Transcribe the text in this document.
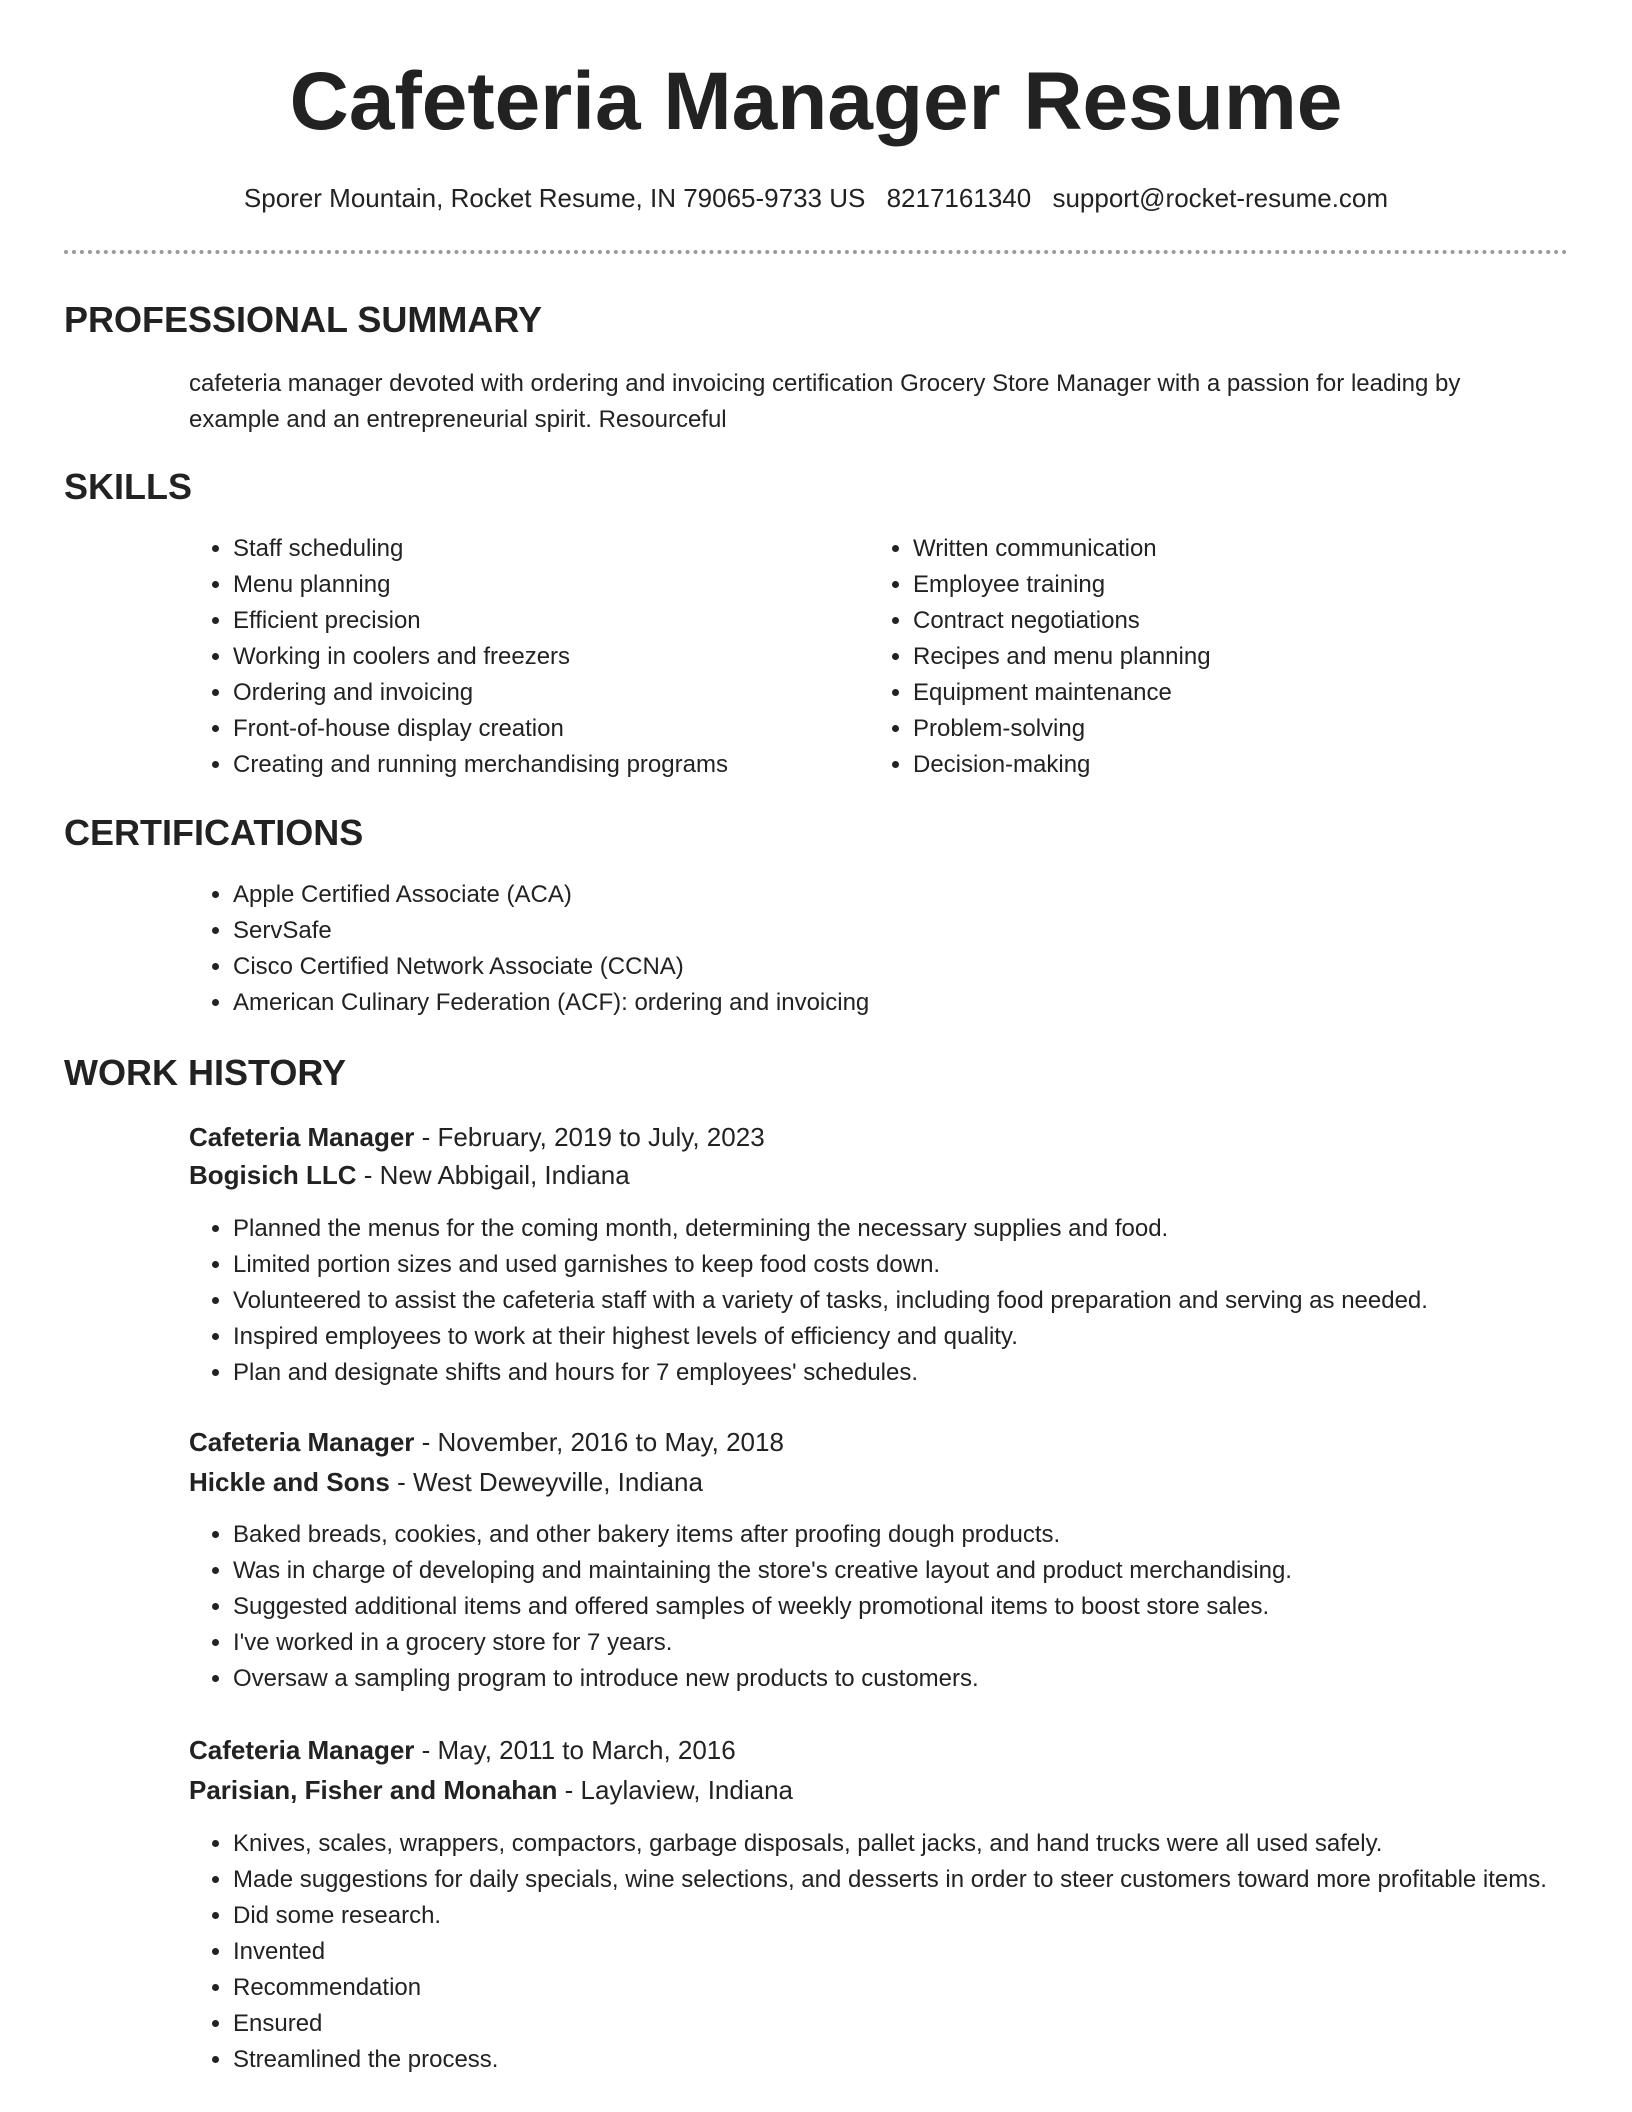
Cafeteria Manager Resume
Sporer Mountain, Rocket Resume, IN 79065-9733 US 8217161340 support@rocket-resume.com
PROFESSIONAL SUMMARY

cafeteria manager devoted with ordering and invoicing certification Grocery Store Manager with a passion for leading by example and an entrepreneurial spirit. Resourceful

SKILLS
• Staff scheduling
• Menu planning
• Efficient precision
• Working in coolers and freezers
• Ordering and invoicing
• Front-of-house display creation
• Creating and running merchandising programs
• Written communication
• Employee training
• Contract negotiations
• Recipes and menu planning
• Equipment maintenance
• Problem-solving
• Decision-making
CERTIFICATIONS
• Apple Certified Associate (ACA)
• ServSafe
• Cisco Certified Network Associate (CCNA)
• American Culinary Federation (ACF): ordering and invoicing
WORK HISTORY

Cafeteria Manager - February, 2019 to July, 2023

Bogisich LLC - New Abbigail, Indiana

• Planned the menus for the coming month, determining the necessary supplies and food.
• Limited portion sizes and used garnishes to keep food costs down.
• Volunteered to assist the cafeteria staff with a variety of tasks, including food preparation and serving as needed.
• Inspired employees to work at their highest levels of efficiency and quality.
• Plan and designate shifts and hours for 7 employees' schedules.

Cafeteria Manager - November, 2016 to May, 2018

Hickle and Sons - West Deweyville, Indiana

• Baked breads, cookies, and other bakery items after proofing dough products.
• Was in charge of developing and maintaining the store's creative layout and product merchandising.
• Suggested additional items and offered samples of weekly promotional items to boost store sales.
• I've worked in a grocery store for 7 years.
• Oversaw a sampling program to introduce new products to customers.

Cafeteria Manager - May, 2011 to March, 2016

Parisian, Fisher and Monahan - Laylaview, Indiana

• Knives, scales, wrappers, compactors, garbage disposals, pallet jacks, and hand trucks were all used safely.
• Made suggestions for daily specials, wine selections, and desserts in order to steer customers toward more profitable items.
• Did some research.
• Invented
• Recommendation
• Ensured
• Streamlined the process.
